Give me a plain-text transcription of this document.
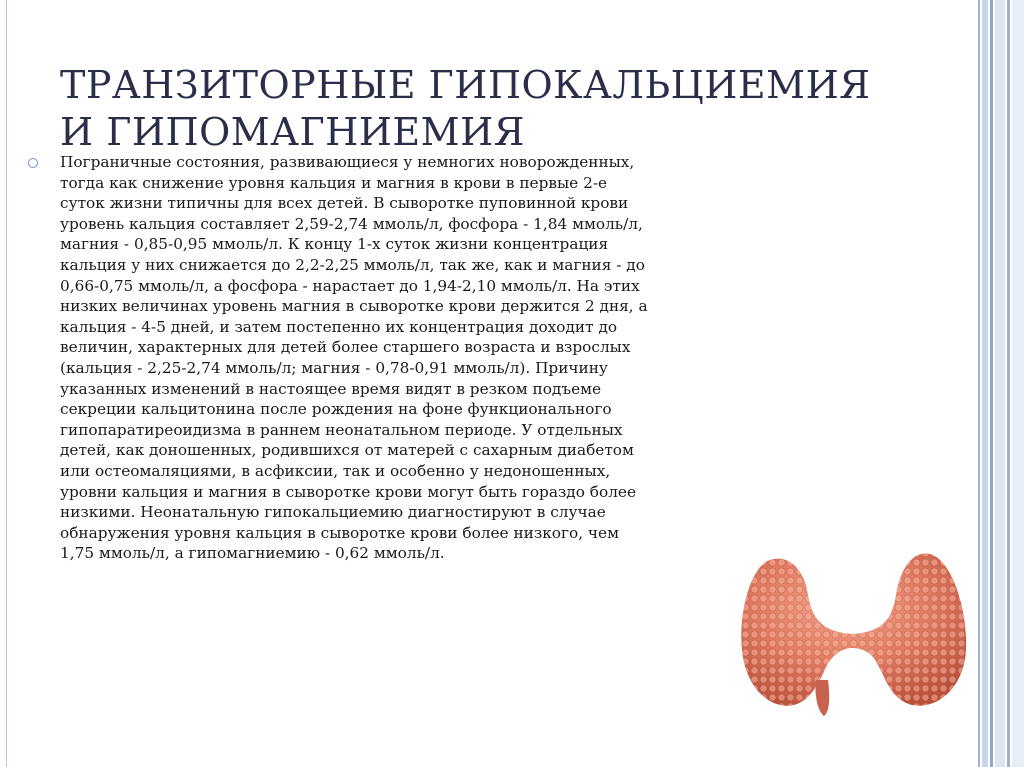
ТРАНЗИТОРНЫЕ ГИПОКАЛЬЦИЕМИЯ
И ГИПОМАГНИЕМИЯ
Пограничные состояния, развивающиеся у немногих новорожденных,
тогда как снижение уровня кальция и магния в крови в первые 2-е
суток жизни типичны для всех детей. В сыворотке пуповинной крови
уровень кальция составляет 2,59-2,74 ммоль/л, фосфора - 1,84 ммоль/л,
магния - 0,85-0,95 ммоль/л. К концу 1-х суток жизни концентрация
кальция у них снижается до 2,2-2,25 ммоль/л, так же, как и магния - до
0,66-0,75 ммоль/л, а фосфора - нарастает до 1,94-2,10 ммоль/л. На этих
низких величинах уровень магния в сыворотке крови держится 2 дня, а
кальция - 4-5 дней, и затем постепенно их концентрация доходит до
величин, характерных для детей более старшего возраста и взрослых
(кальция - 2,25-2,74 ммоль/л; магния - 0,78-0,91 ммоль/л). Причину
указанных изменений в настоящее время видят в резком подъеме
секреции кальцитонина после рождения на фоне функционального
гипопаратиреоидизма в раннем неонатальном периоде. У отдельных
детей, как доношенных, родившихся от матерей с сахарным диабетом
или остеомаляциями, в асфиксии, так и особенно у недоношенных,
уровни кальция и магния в сыворотке крови могут быть гораздо более
низкими. Неонатальную гипокальциемию диагностируют в случае
обнаружения уровня кальция в сыворотке крови более низкого, чем
1,75 ммоль/л, а гипомагниемию - 0,62 ммоль/л.
